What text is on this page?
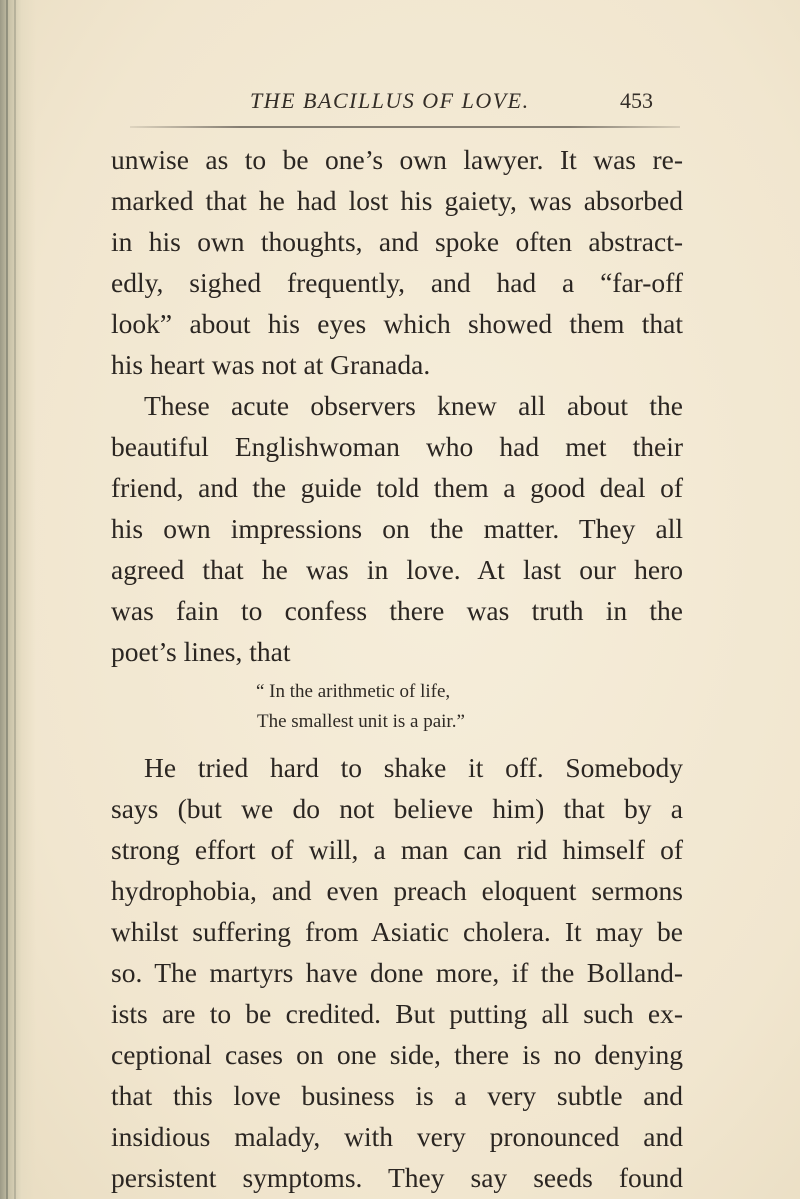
THE BACILLUS OF LOVE.	453
unwise as to be one’s own lawyer. It was re-
marked that he had lost his gaiety, was absorbed
in his own thoughts, and spoke often abstract-
edly, sighed frequently, and had a “far-off
look” about his eyes which showed them that
his heart was not at Granada.
These acute observers knew all about the
beautiful Englishwoman who had met their
friend, and the guide told them a good deal of
his own impressions on the matter. They all
agreed that he was in love. At last our hero
was fain to confess there was truth in the
poet’s lines, that
“ In the arithmetic of life,
The smallest unit is a pair.”
He tried hard to shake it off. Somebody
says (but we do not believe him) that by a
strong effort of will, a man can rid himself of
hydrophobia, and even preach eloquent sermons
whilst suffering from Asiatic cholera. It may be
so. The martyrs have done more, if the Bolland-
ists are to be credited. But putting all such ex-
ceptional cases on one side, there is no denying
that this love business is a very subtle and
insidious malady, with very pronounced and
persistent symptoms. They say seeds found
